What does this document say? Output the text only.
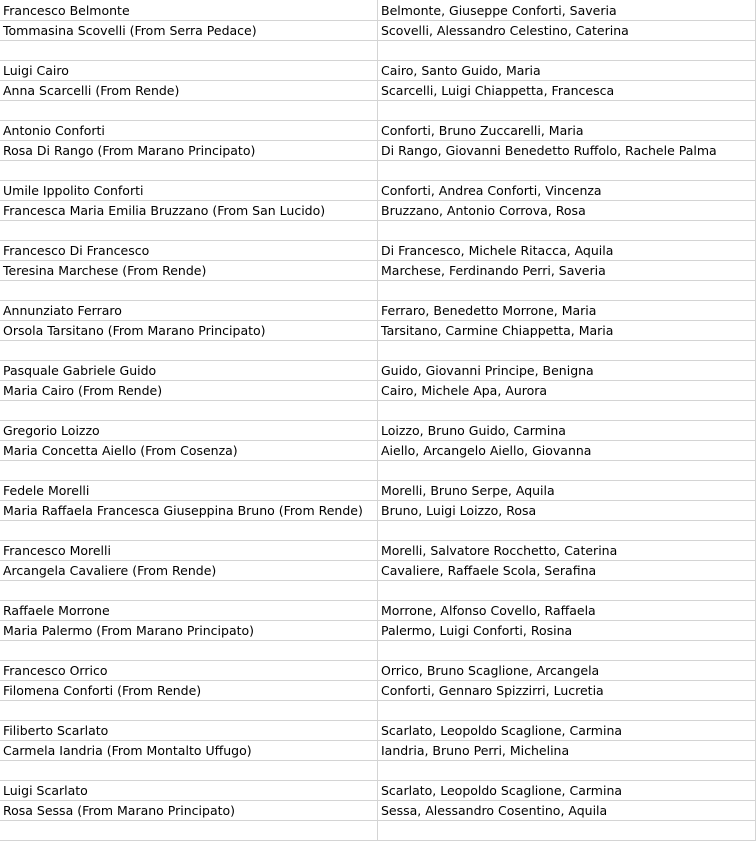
Francesco Belmonte	Belmonte, Giuseppe Conforti, Saveria
Tommasina Scovelli (From Serra Pedace)	Scovelli, Alessandro Celestino, Caterina

Luigi Cairo	Cairo, Santo Guido, Maria
Anna Scarcelli (From Rende)	Scarcelli, Luigi Chiappetta, Francesca

Antonio Conforti	Conforti, Bruno Zuccarelli, Maria
Rosa Di Rango (From Marano Principato)	Di Rango, Giovanni Benedetto Ruffolo, Rachele Palma

Umile Ippolito Conforti	Conforti, Andrea Conforti, Vincenza
Francesca Maria Emilia Bruzzano (From San Lucido)	Bruzzano, Antonio Corrova, Rosa

Francesco Di Francesco	Di Francesco, Michele Ritacca, Aquila
Teresina Marchese (From Rende)	Marchese, Ferdinando Perri, Saveria

Annunziato Ferraro	Ferraro, Benedetto Morrone, Maria
Orsola Tarsitano (From Marano Principato)	Tarsitano, Carmine Chiappetta, Maria

Pasquale Gabriele Guido	Guido, Giovanni Principe, Benigna
Maria Cairo (From Rende)	Cairo, Michele Apa, Aurora

Gregorio Loizzo	Loizzo, Bruno Guido, Carmina
Maria Concetta Aiello (From Cosenza)	Aiello, Arcangelo Aiello, Giovanna

Fedele Morelli	Morelli, Bruno Serpe, Aquila
Maria Raffaela Francesca Giuseppina Bruno (From Rende)	Bruno, Luigi Loizzo, Rosa

Francesco Morelli	Morelli, Salvatore Rocchetto, Caterina
Arcangela Cavaliere (From Rende)	Cavaliere, Raffaele Scola, Serafina

Raffaele Morrone	Morrone, Alfonso Covello, Raffaela
Maria Palermo (From Marano Principato)	Palermo, Luigi Conforti, Rosina

Francesco Orrico	Orrico, Bruno Scaglione, Arcangela
Filomena Conforti (From Rende)	Conforti, Gennaro Spizzirri, Lucretia

Filiberto Scarlato	Scarlato, Leopoldo Scaglione, Carmina
Carmela Iandria (From Montalto Uffugo)	Iandria, Bruno Perri, Michelina

Luigi Scarlato	Scarlato, Leopoldo Scaglione, Carmina
Rosa Sessa (From Marano Principato)	Sessa, Alessandro Cosentino, Aquila
